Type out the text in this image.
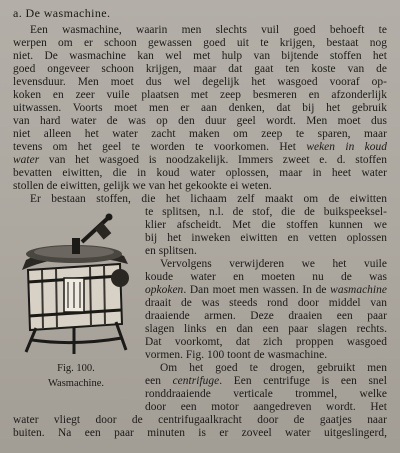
a. De wasmachine.
Een wasmachine, waarin men slechts vuil goed behoeft te
werpen om er schoon gewassen goed uit te krijgen, bestaat nog
niet. De wasmachine kan wel met hulp van bijtende stoffen het
goed ongeveer schoon krijgen, maar dat gaat ten koste van de
levensduur. Men moet dus wel degelijk het wasgoed vooraf op-
koken en zeer vuile plaatsen met zeep besmeren en afzonderlijk
uitwassen. Voorts moet men er aan denken, dat bij het gebruik
van hard water de was op den duur geel wordt. Men moet dus
niet alleen het water zacht maken om zeep te sparen, maar
tevens om het geel te worden te voorkomen. Het weken in koud
water van het wasgoed is noodzakelijk. Immers zweet e. d. stoffen
bevatten eiwitten, die in koud water oplossen, maar in heet water
stollen de eiwitten, gelijk we van het gekookte ei weten.
Er bestaan stoffen, die het lichaam zelf maakt om de eiwitten
te splitsen, n.l. de stof, die de buikspeeksel-
klier afscheidt. Met die stoffen kunnen we
bij het inweken eiwitten en vetten oplossen
en splitsen.
Vervolgens verwijderen we het vuile
koude water en moeten nu de was
opkoken. Dan moet men wassen. In de wasmachine
draait de was steeds rond door middel van
draaiende armen. Deze draaien een paar
slagen links en dan een paar slagen rechts.
Dat voorkomt, dat zich proppen wasgoed
vormen. Fig. 100 toont de wasmachine.
Om het goed te drogen, gebruikt men
een centrifuge. Een centrifuge is een snel
ronddraaiende verticale trommel, welke
door een motor aangedreven wordt. Het
water vliegt door de centrifugaalkracht door de gaatjes naar
buiten. Na een paar minuten is er zoveel water uitgeslingerd,
Fig. 100.
Wasmachine.
